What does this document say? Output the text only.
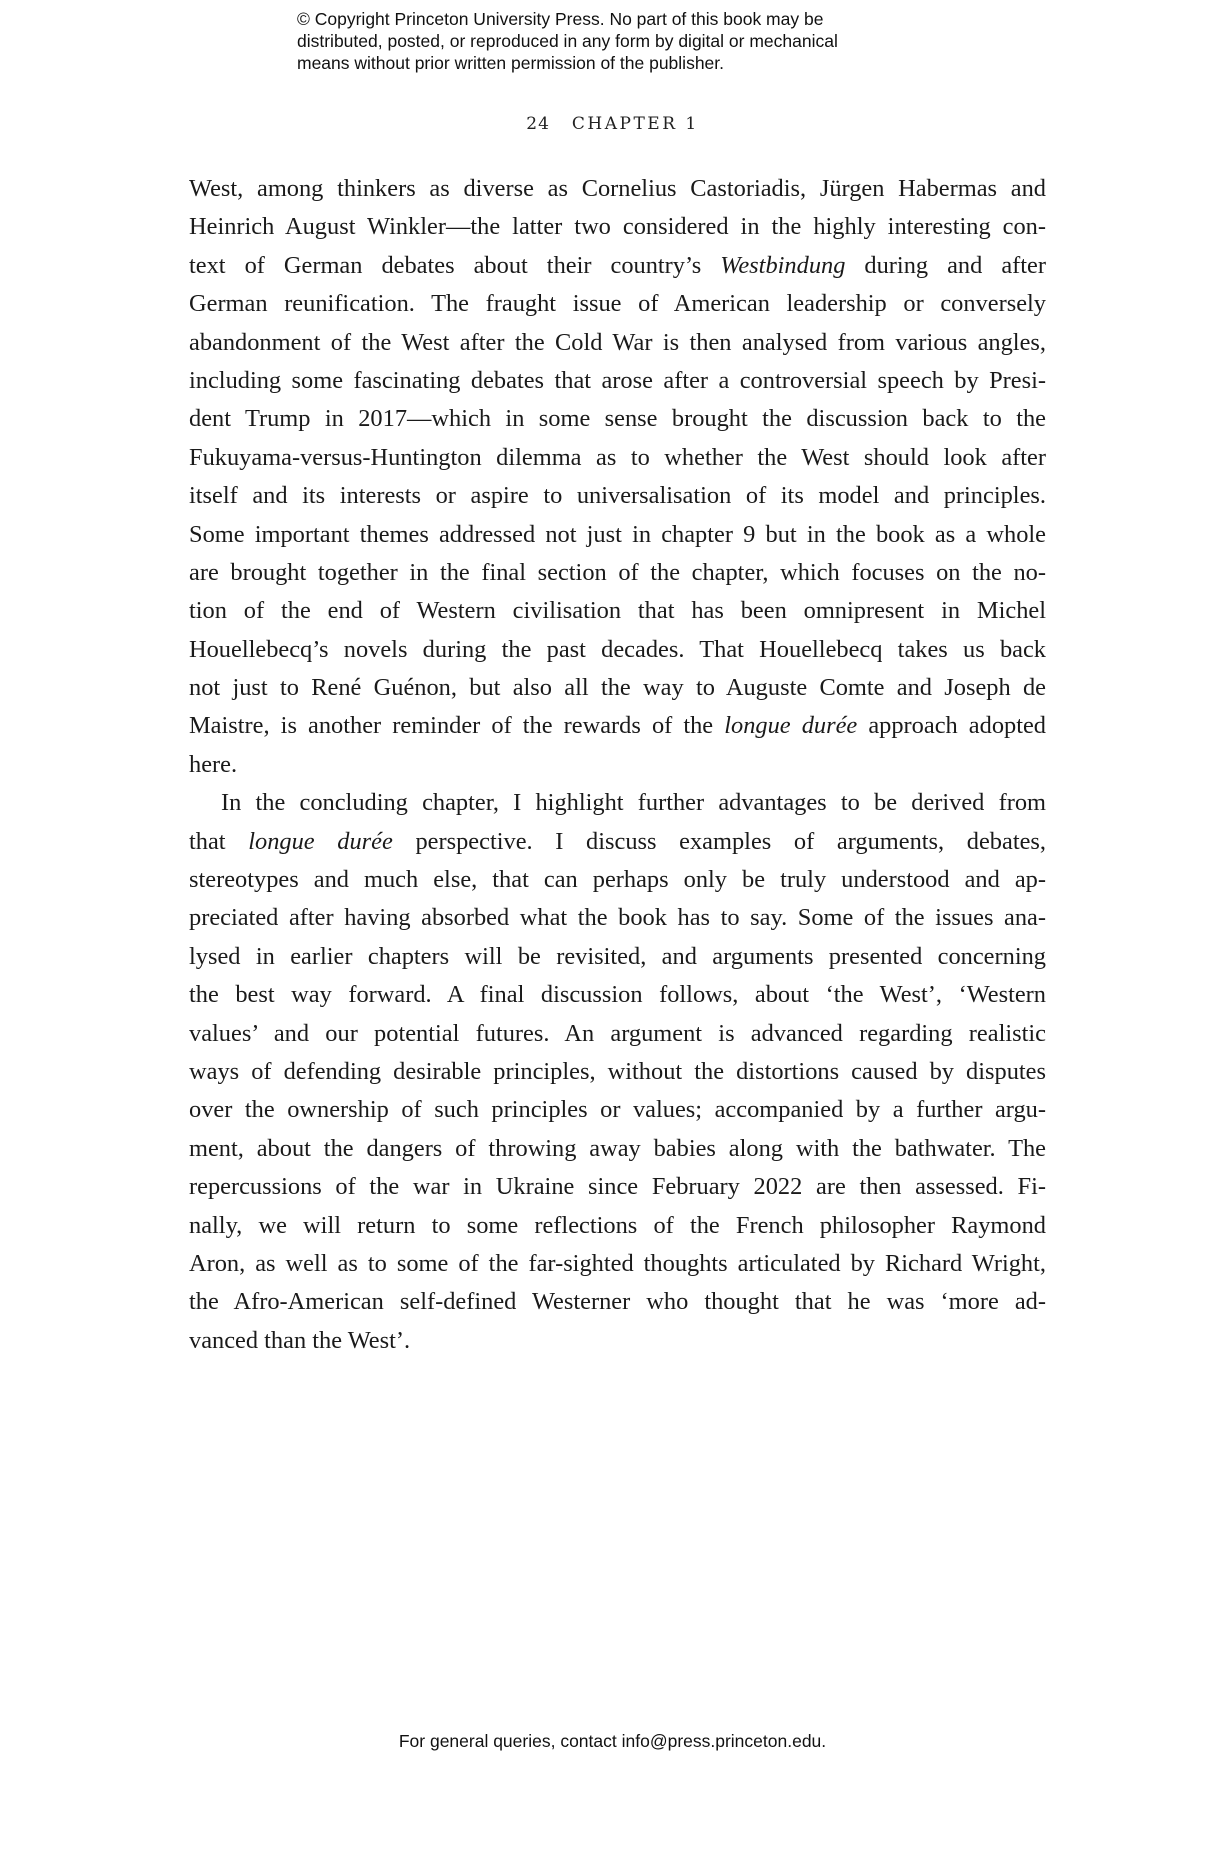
© Copyright Princeton University Press. No part of this book may be
distributed, posted, or reproduced in any form by digital or mechanical
means without prior written permission of the publisher.
24 CHAPTER 1
West, among thinkers as diverse as Cornelius Castoriadis, Jürgen Habermas and
Heinrich August Winkler—the latter two considered in the highly interesting con-
text of German debates about their country’s Westbindung during and after
German reunification. The fraught issue of American leadership or conversely
abandonment of the West after the Cold War is then analysed from various angles,
including some fascinating debates that arose after a controversial speech by Presi-
dent Trump in 2017—which in some sense brought the discussion back to the
Fukuyama-versus-Huntington dilemma as to whether the West should look after
itself and its interests or aspire to universalisation of its model and principles.
Some important themes addressed not just in chapter 9 but in the book as a whole
are brought together in the final section of the chapter, which focuses on the no-
tion of the end of Western civilisation that has been omnipresent in Michel
Houellebecq’s novels during the past decades. That Houellebecq takes us back
not just to René Guénon, but also all the way to Auguste Comte and Joseph de
Maistre, is another reminder of the rewards of the longue durée approach adopted
here.
In the concluding chapter, I highlight further advantages to be derived from
that longue durée perspective. I discuss examples of arguments, debates,
stereotypes and much else, that can perhaps only be truly understood and ap-
preciated after having absorbed what the book has to say. Some of the issues ana-
lysed in earlier chapters will be revisited, and arguments presented concerning
the best way forward. A final discussion follows, about ‘the West’, ‘Western
values’ and our potential futures. An argument is advanced regarding realistic
ways of defending desirable principles, without the distortions caused by disputes
over the ownership of such principles or values; accompanied by a further argu-
ment, about the dangers of throwing away babies along with the bathwater. The
repercussions of the war in Ukraine since February 2022 are then assessed. Fi-
nally, we will return to some reflections of the French philosopher Raymond
Aron, as well as to some of the far-sighted thoughts articulated by Richard Wright,
the Afro-American self-defined Westerner who thought that he was ‘more ad-
vanced than the West’.
For general queries, contact info@press.princeton.edu.
